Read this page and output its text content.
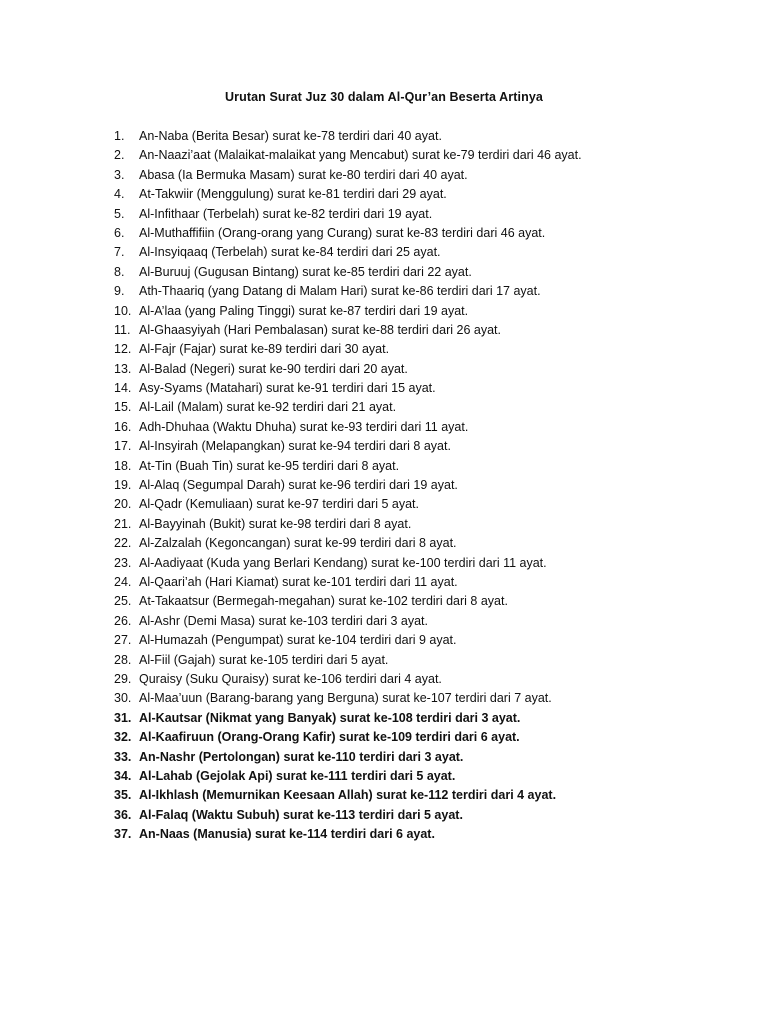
Urutan Surat Juz 30 dalam Al-Qur’an Beserta Artinya
1.	An-Naba (Berita Besar) surat ke-78 terdiri dari 40 ayat.
2.	An-Naazi’aat (Malaikat-malaikat yang Mencabut) surat ke-79 terdiri dari 46 ayat.
3.	Abasa (Ia Bermuka Masam) surat ke-80 terdiri dari 40 ayat.
4.	At-Takwiir (Menggulung) surat ke-81 terdiri dari 29 ayat.
5.	Al-Infithaar (Terbelah) surat ke-82 terdiri dari 19 ayat.
6.	Al-Muthaffifiin (Orang-orang yang Curang) surat ke-83 terdiri dari 46 ayat.
7.	Al-Insyiqaaq (Terbelah) surat ke-84 terdiri dari 25 ayat.
8.	Al-Buruuj (Gugusan Bintang) surat ke-85 terdiri dari 22 ayat.
9.	Ath-Thaariq (yang Datang di Malam Hari) surat ke-86 terdiri dari 17 ayat.
10. Al-A’laa (yang Paling Tinggi) surat ke-87 terdiri dari 19 ayat.
11. Al-Ghaasyiyah (Hari Pembalasan) surat ke-88 terdiri dari 26 ayat.
12. Al-Fajr (Fajar) surat ke-89 terdiri dari 30 ayat.
13. Al-Balad (Negeri) surat ke-90 terdiri dari 20 ayat.
14. Asy-Syams (Matahari) surat ke-91 terdiri dari 15 ayat.
15. Al-Lail (Malam) surat ke-92 terdiri dari 21 ayat.
16. Adh-Dhuhaa (Waktu Dhuha) surat ke-93 terdiri dari 11 ayat.
17. Al-Insyirah (Melapangkan) surat ke-94 terdiri dari 8 ayat.
18. At-Tin (Buah Tin) surat ke-95 terdiri dari 8 ayat.
19. Al-Alaq (Segumpal Darah) surat ke-96 terdiri dari 19 ayat.
20. Al-Qadr (Kemuliaan) surat ke-97 terdiri dari 5 ayat.
21. Al-Bayyinah (Bukit) surat ke-98 terdiri dari 8 ayat.
22. Al-Zalzalah (Kegoncangan) surat ke-99 terdiri dari 8 ayat.
23. Al-Aadiyaat (Kuda yang Berlari Kendang) surat ke-100 terdiri dari 11 ayat.
24. Al-Qaari’ah (Hari Kiamat) surat ke-101 terdiri dari 11 ayat.
25. At-Takaatsur (Bermegah-megahan) surat ke-102 terdiri dari 8 ayat.
26. Al-Ashr (Demi Masa) surat ke-103 terdiri dari 3 ayat.
27. Al-Humazah (Pengumpat) surat ke-104 terdiri dari 9 ayat.
28. Al-Fiil (Gajah) surat ke-105 terdiri dari 5 ayat.
29. Quraisy (Suku Quraisy) surat ke-106 terdiri dari 4 ayat.
30. Al-Maa’uun (Barang-barang yang Berguna) surat ke-107 terdiri dari 7 ayat.
31. Al-Kautsar (Nikmat yang Banyak) surat ke-108 terdiri dari 3 ayat.
32. Al-Kaafiruun (Orang-Orang Kafir) surat ke-109 terdiri dari 6 ayat.
33. An-Nashr (Pertolongan) surat ke-110 terdiri dari 3 ayat.
34. Al-Lahab (Gejolak Api) surat ke-111 terdiri dari 5 ayat.
35. Al-Ikhlash (Memurnikan Keesaan Allah) surat ke-112 terdiri dari 4 ayat.
36. Al-Falaq (Waktu Subuh) surat ke-113 terdiri dari 5 ayat.
37. An-Naas (Manusia) surat ke-114 terdiri dari 6 ayat.
